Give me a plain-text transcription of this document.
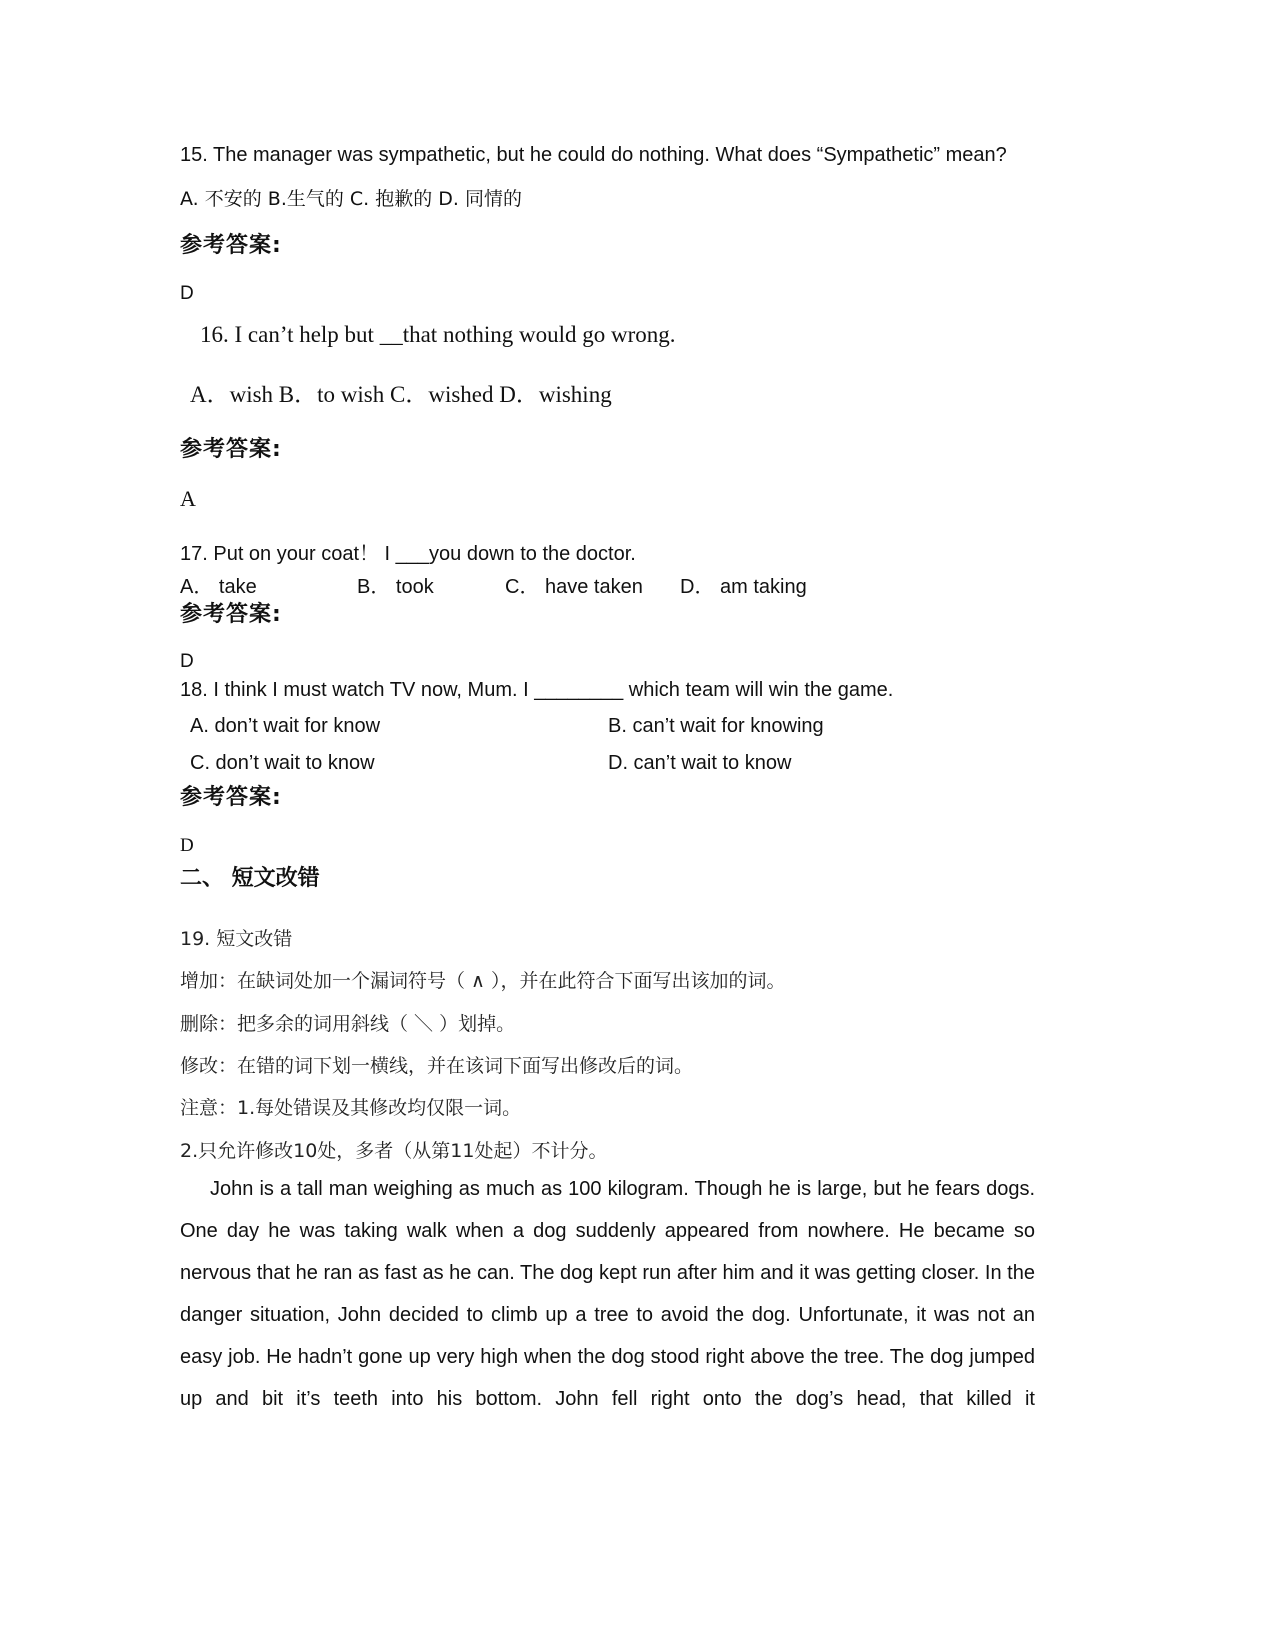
15. The manager was sympathetic, but he could do nothing. What does “Sympathetic” mean?
A. 不安的 B.生气的 C. 抱歉的 D. 同情的
参考答案:
D
16. I can’t help but __that nothing would go wrong.
A．wish B．to wish C．wished D．wishing
参考答案:
A
17. Put on your coat！ I ___you down to the doctor.
A． take	B． took	C． have taken D． am taking
参考答案:
D
18. I think I must watch TV now, Mum. I ________ which team will win the game.
A. don’t wait for know	B. can’t wait for knowing
C. don’t wait to know	D. can’t wait to know
参考答案:
D
二、 短文改错
19. 短文改错
增加：在缺词处加一个漏词符号（ ∧ ），并在此符合下面写出该加的词。
删除：把多余的词用斜线（ ＼ ）划掉。
修改：在错的词下划一横线，并在该词下面写出修改后的词。
注意：1.每处错误及其修改均仅限一词。
2.只允许修改10处，多者（从第11处起）不计分。

John is a tall man weighing as much as 100 kilogram. Though he is large, but he fears dogs.

One day he was taking walk when a dog suddenly appeared from nowhere. He became so

nervous that he ran as fast as he can. The dog kept run after him and it was getting closer. In the

danger situation, John decided to climb up a tree to avoid the dog. Unfortunate, it was not an

easy job. He hadn’t gone up very high when the dog stood right above the tree. The dog jumped

up and bit it’s teeth into his bottom. John fell right onto the dog’s head, that killed it
